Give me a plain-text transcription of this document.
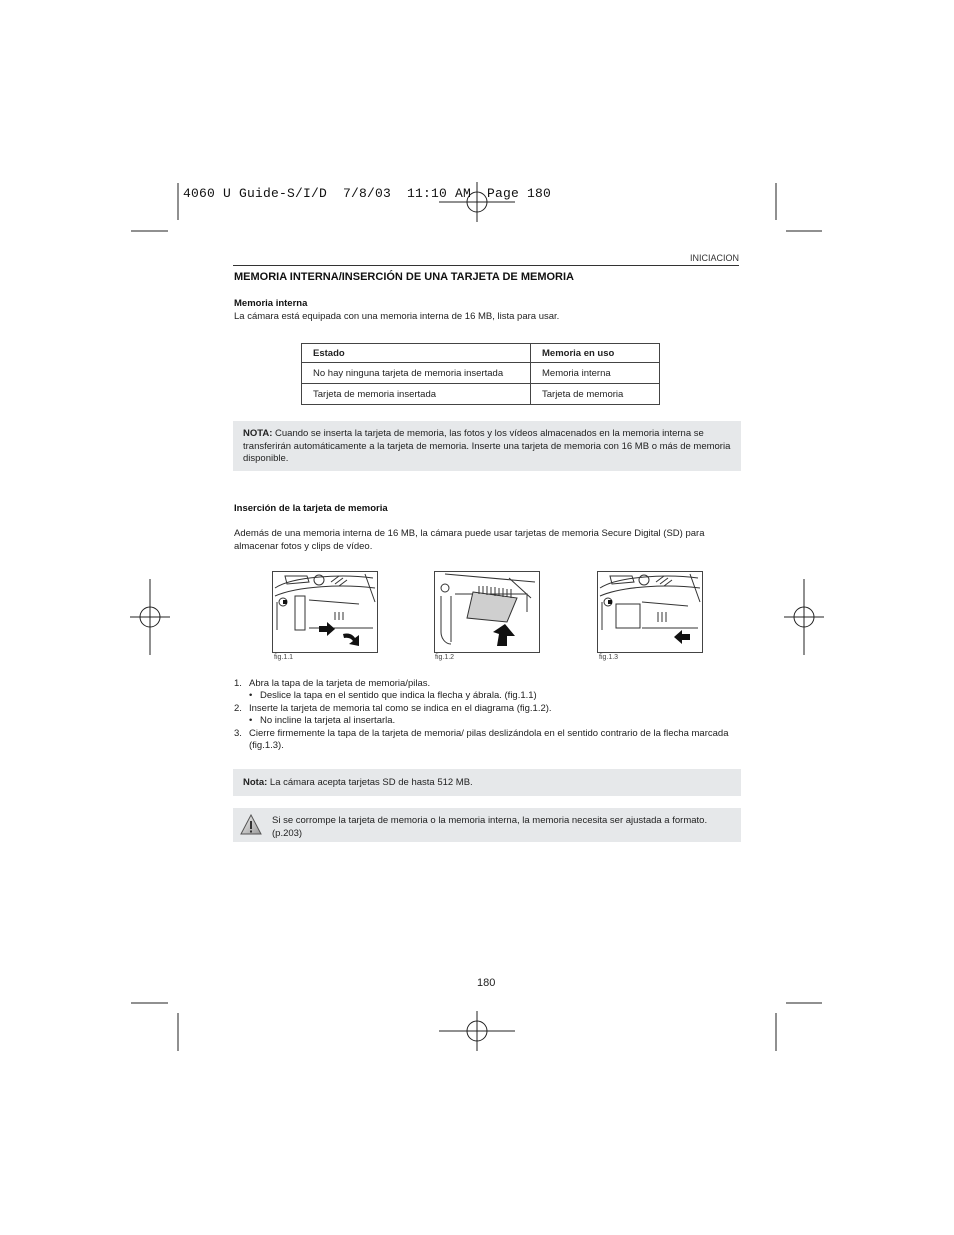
4060 U Guide-S/I/D  7/8/03  11:10 AM  Page 180
INICIACION
MEMORIA INTERNA/INSERCIÓN DE UNA TARJETA DE MEMORIA
Memoria interna
La cámara está equipada con una memoria interna de 16 MB, lista para usar.
Estado	Memoria en uso
No hay ninguna tarjeta de memoria insertada	Memoria interna
Tarjeta de memoria insertada	Tarjeta de memoria
NOTA: Cuando se inserta la tarjeta de memoria, las fotos y los vídeos almacenados en la memoria interna se transferirán automáticamente a la tarjeta de memoria. Inserte una tarjeta de memoria con 16 MB o más de memoria disponible.
Inserción de la tarjeta de memoria
Además de una memoria interna de 16 MB, la cámara puede usar tarjetas de memoria Secure Digital (SD) para almacenar fotos y clips de vídeo.
fig.1.1	fig.1.2	fig.1.3
1. Abra la tapa de la tarjeta de memoria/pilas.
• Deslice la tapa en el sentido que indica la flecha y ábrala. (fig.1.1)
2. Inserte la tarjeta de memoria tal como se indica en el diagrama (fig.1.2).
• No incline la tarjeta al insertarla.
3. Cierre firmemente la tapa de la tarjeta de memoria/ pilas deslizándola en el sentido contrario de la flecha marcada (fig.1.3).
Nota: La cámara acepta tarjetas SD de hasta 512 MB.
Si se corrompe la tarjeta de memoria o la memoria interna, la memoria necesita ser ajustada a formato. (p.203)
180
